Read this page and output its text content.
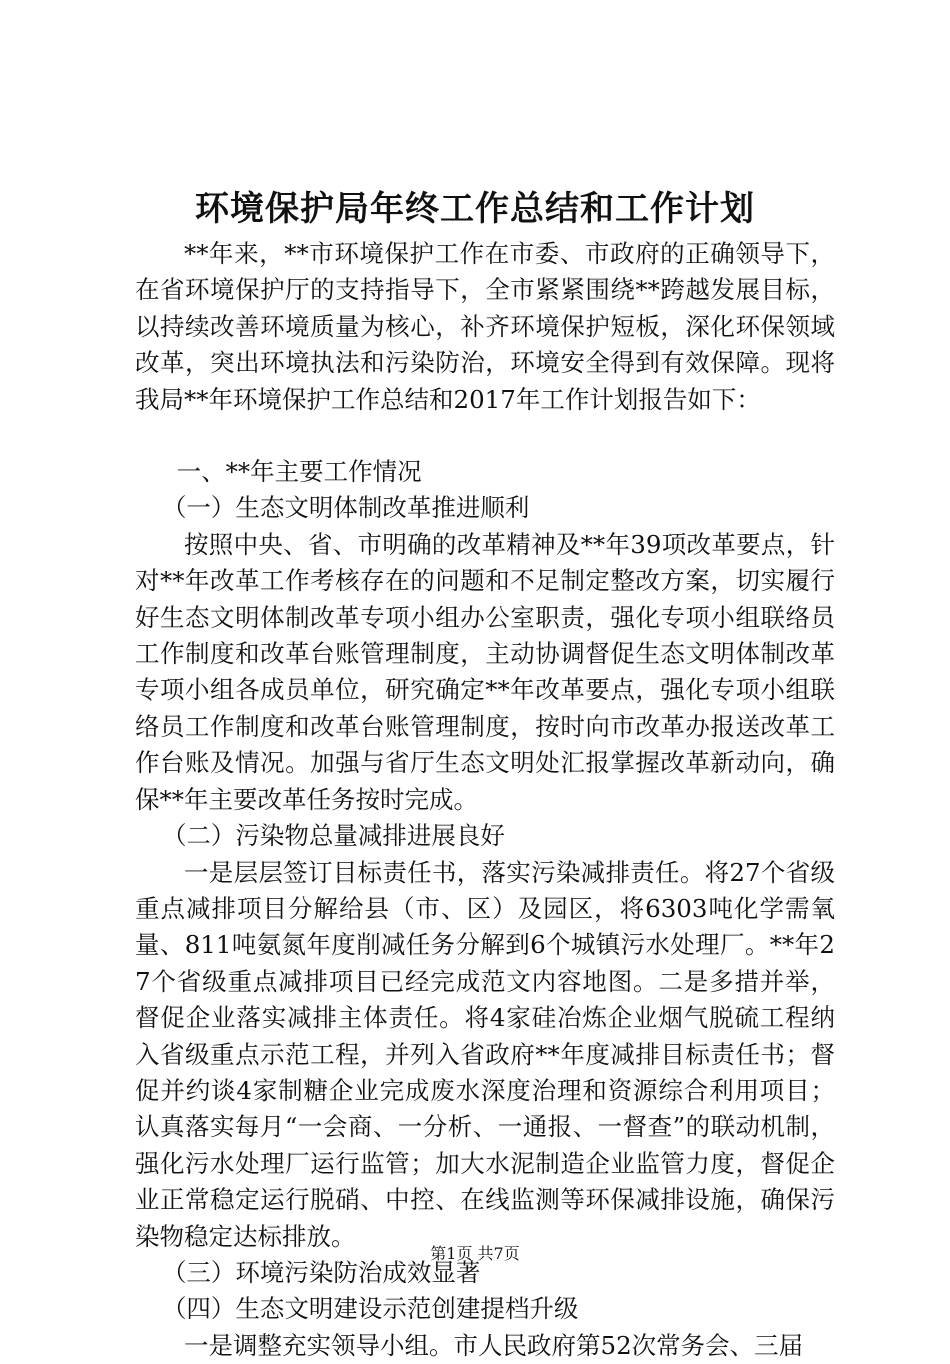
环境保护局年终工作总结和工作计划

**年来，**市环境保护工作在市委、市政府的正确领导下，在省环境保护厅的支持指导下，全市紧紧围绕**跨越发展目标，以持续改善环境质量为核心，补齐环境保护短板，深化环保领域改革，突出环境执法和污染防治，环境安全得到有效保障。现将我局**年环境保护工作总结和2017年工作计划报告如下：

一、**年主要工作情况

（一）生态文明体制改革推进顺利

按照中央、省、市明确的改革精神及**年39项改革要点，针对**年改革工作考核存在的问题和不足制定整改方案，切实履行好生态文明体制改革专项小组办公室职责，强化专项小组联络员工作制度和改革台账管理制度，主动协调督促生态文明体制改革专项小组各成员单位，研究确定**年改革要点，强化专项小组联络员工作制度和改革台账管理制度，按时向市改革办报送改革工作台账及情况。加强与省厅生态文明处汇报掌握改革新动向，确保**年主要改革任务按时完成。

（二）污染物总量减排进展良好

一是层层签订目标责任书，落实污染减排责任。将27个省级重点减排项目分解给县（市、区）及园区，将6303吨化学需氧量、811吨氨氮年度削减任务分解到6个城镇污水处理厂。**年27个省级重点减排项目已经完成范文内容地图。二是多措并举，督促企业落实减排主体责任。将4家硅冶炼企业烟气脱硫工程纳入省级重点示范工程，并列入省政府**年度减排目标责任书；督促并约谈4家制糖企业完成废水深度治理和资源综合利用项目；认真落实每月“一会商、一分析、一通报、一督查”的联动机制，强化污水处理厂运行监管；加大水泥制造企业监管力度，督促企业正常稳定运行脱硝、中控、在线监测等环保减排设施，确保污染物稳定达标排放。

（三）环境污染防治成效显著

（四）生态文明建设示范创建提档升级

一是调整充实领导小组。市人民政府第52次常务会、三届

第1页 共7页
